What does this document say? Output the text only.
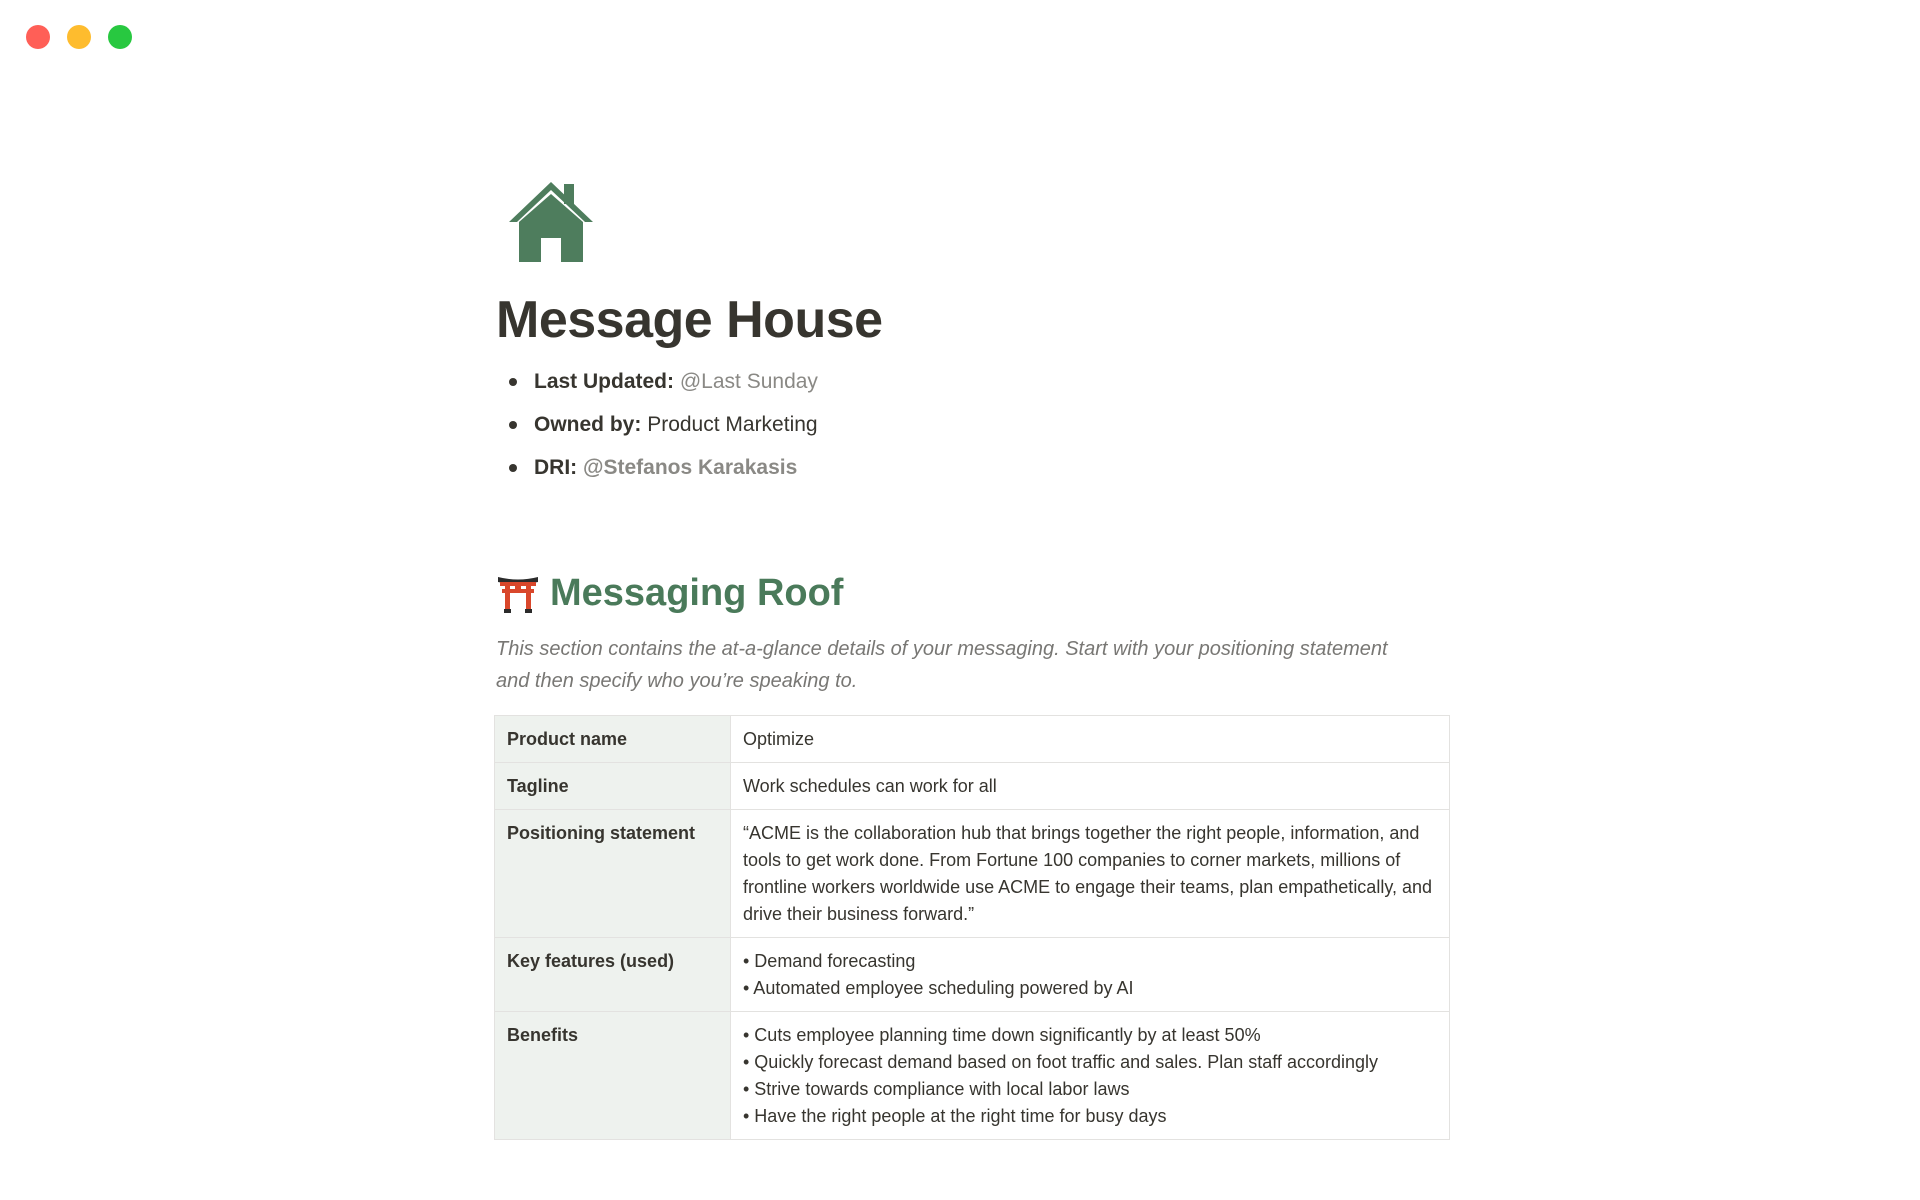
Message House
Last Updated: @Last Sunday
Owned by: Product Marketing
DRI: @Stefanos Karakasis
Messaging Roof
This section contains the at-a-glance details of your messaging. Start with your positioning statement and then specify who you’re speaking to.
Product name	Optimize
Tagline	Work schedules can work for all
Positioning statement	“ACME is the collaboration hub that brings together the right people, information, and tools to get work done. From Fortune 100 companies to corner markets, millions of frontline workers worldwide use ACME to engage their teams, plan empathetically, and drive their business forward.”
Key features (used)	• Demand forecasting
• Automated employee scheduling powered by AI

Benefits	• Cuts employee planning time down significantly by at least 50%
• Quickly forecast demand based on foot traffic and sales. Plan staff accordingly
• Strive towards compliance with local labor laws
• Have the right people at the right time for busy days
